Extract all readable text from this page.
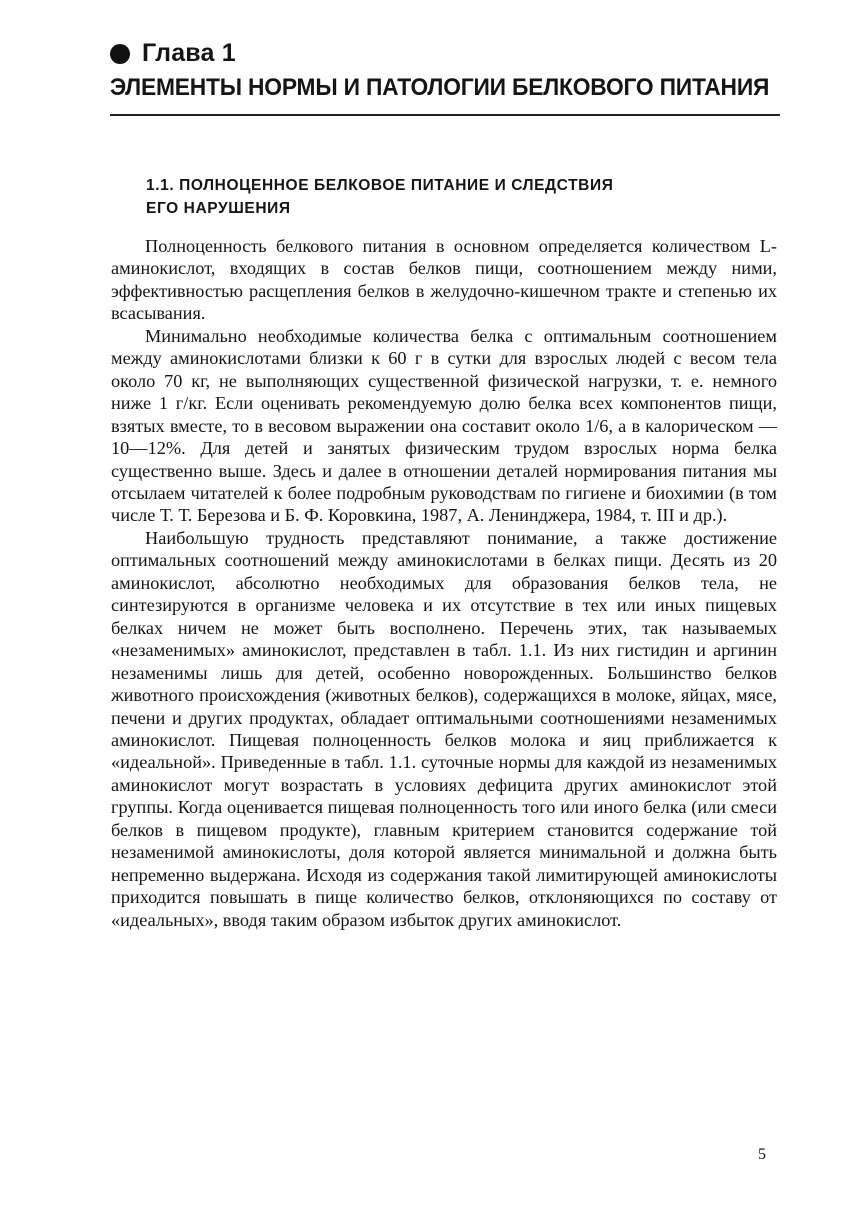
Глава 1
ЭЛЕМЕНТЫ НОРМЫ И ПАТОЛОГИИ БЕЛКОВОГО ПИТАНИЯ
1.1. ПОЛНОЦЕННОЕ БЕЛКОВОЕ ПИТАНИЕ И СЛЕДСТВИЯ
ЕГО НАРУШЕНИЯ

Полноценность белкового питания в основном определяется количеством L-аминокислот, входящих в состав белков пищи, соотношением между ними, эффективностью расщепления белков в желудочно-кишечном тракте и степенью их всасывания.

Минимально необходимые количества белка с оптимальным соотношением между аминокислотами близки к 60 г в сутки для взрослых людей с весом тела около 70 кг, не выполняющих существенной физической нагрузки, т. е. немного ниже 1 г/кг. Если оценивать рекомендуемую долю белка всех компонентов пищи, взятых вместе, то в весовом выражении она составит около 1/6, а в калорическом — 10—12%. Для детей и занятых физическим трудом взрослых норма белка существенно выше. Здесь и далее в отношении деталей нормирования питания мы отсылаем читателей к более подробным руководствам по гигиене и биохимии (в том числе Т. Т. Березова и Б. Ф. Коровкина, 1987, А. Ленинджера, 1984, т. III и др.).

Наибольшую трудность представляют понимание, а также достижение оптимальных соотношений между аминокислотами в белках пищи. Десять из 20 аминокислот, абсолютно необходимых для образования белков тела, не синтезируются в организме человека и их отсутствие в тех или иных пищевых белках ничем не может быть восполнено. Перечень этих, так называемых «незаменимых» аминокислот, представлен в табл. 1.1. Из них гистидин и аргинин незаменимы лишь для детей, особенно новорожденных. Большинство белков животного происхождения (животных белков), содержащихся в молоке, яйцах, мясе, печени и других продуктах, обладает оптимальными соотношениями незаменимых аминокислот. Пищевая полноценность белков молока и яиц приближается к «идеальной». Приведенные в табл. 1.1. суточные нормы для каждой из незаменимых аминокислот могут возрастать в условиях дефицита других аминокислот этой группы. Когда оценивается пищевая полноценность того или иного белка (или смеси белков в пищевом продукте), главным критерием становится содержание той незаменимой аминокислоты, доля которой является минимальной и должна быть непременно выдержана. Исходя из содержания такой лимитирующей аминокислоты приходится повышать в пище количество белков, отклоняющихся по составу от «идеальных», вводя таким образом избыток других аминокислот.

5
